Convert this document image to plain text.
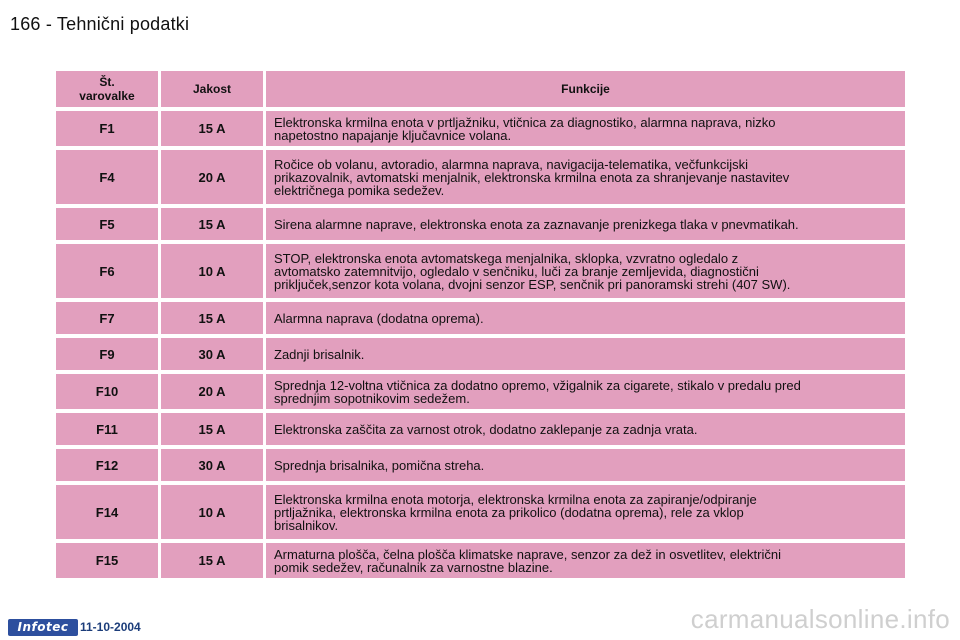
166 - Tehnični podatki
Št.
varovalke	Jakost	Funkcije
F1	15 A	Elektronska krmilna enota v prtljažniku, vtičnica za diagnostiko, alarmna naprava, nizko
napetostno napajanje ključavnice volana.
F4	20 A	Ročice ob volanu, avtoradio, alarmna naprava, navigacija-telematika, večfunkcijski
prikazovalnik, avtomatski menjalnik, elektronska krmilna enota za shranjevanje nastavitev
električnega pomika sedežev.
F5	15 A	Sirena alarmne naprave, elektronska enota za zaznavanje prenizkega tlaka v pnevmatikah.
F6	10 A	STOP, elektronska enota avtomatskega menjalnika, sklopka, vzvratno ogledalo z
avtomatsko zatemnitvijo, ogledalo v senčniku, luči za branje zemljevida, diagnostični
priključek,senzor kota volana, dvojni senzor ESP, senčnik pri panoramski strehi (407 SW).
F7	15 A	Alarmna naprava (dodatna oprema).
F9	30 A	Zadnji brisalnik.
F10	20 A	Sprednja 12-voltna vtičnica za dodatno opremo, vžigalnik za cigarete, stikalo v predalu pred
sprednjim sopotnikovim sedežem.
F11	15 A	Elektronska zaščita za varnost otrok, dodatno zaklepanje za zadnja vrata.
F12	30 A	Sprednja brisalnika, pomična streha.
F14	10 A	Elektronska krmilna enota motorja, elektronska krmilna enota za zapiranje/odpiranje
prtljažnika, elektronska krmilna enota za prikolico (dodatna oprema), rele za vklop
brisalnikov.
F15	15 A	Armaturna plošča, čelna plošča klimatske naprave, senzor za dež in osvetlitev, električni
pomik sedežev, računalnik za varnostne blazine.
Infotec 11-10-2004	carmanualsonline.info
